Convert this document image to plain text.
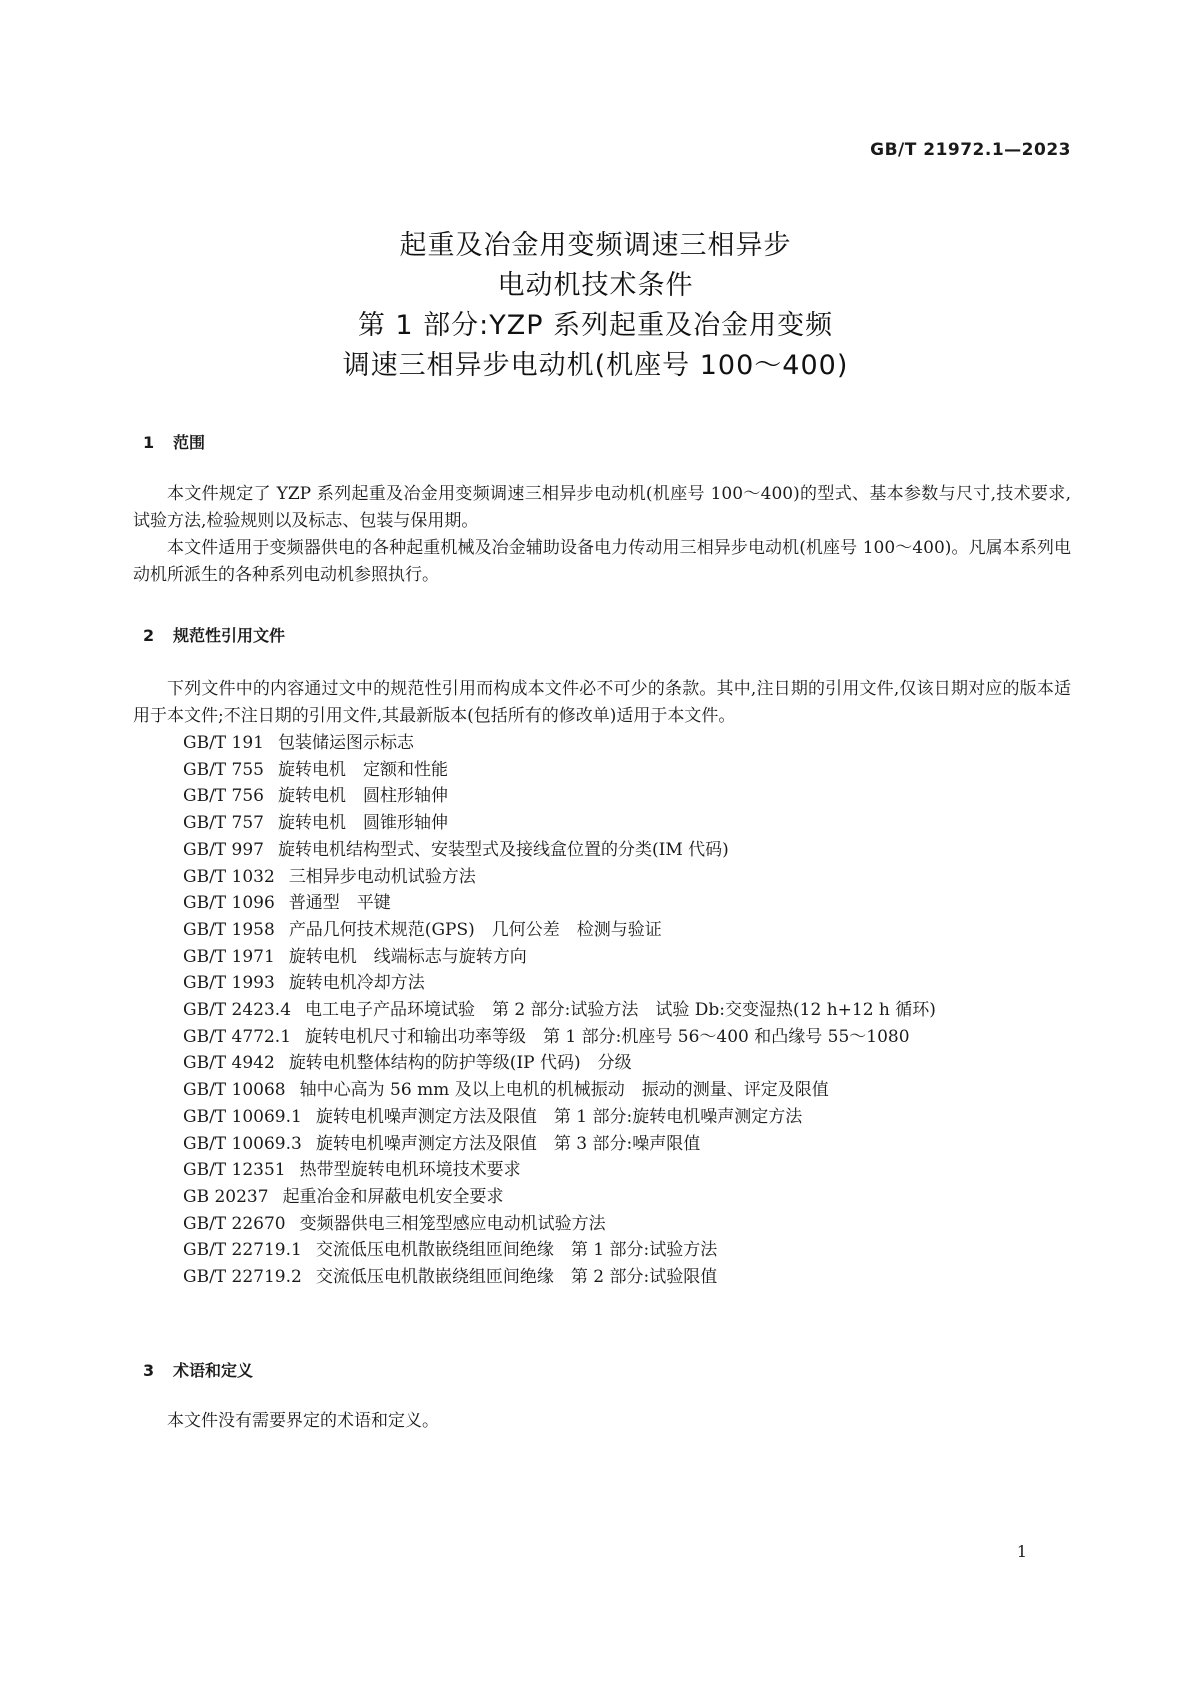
GB/T 21972.1—2023
起重及冶金用变频调速三相异步
电动机技术条件
第 1 部分:YZP 系列起重及冶金用变频
调速三相异步电动机(机座号 100～400)
1 范围

本文件规定了 YZP 系列起重及冶金用变频调速三相异步电动机(机座号 100～400)的型式、基本参数与尺寸,技术要求,试验方法,检验规则以及标志、包装与保用期。

本文件适用于变频器供电的各种起重机械及冶金辅助设备电力传动用三相异步电动机(机座号 100～400)。凡属本系列电动机所派生的各种系列电动机参照执行。

2 规范性引用文件

下列文件中的内容通过文中的规范性引用而构成本文件必不可少的条款。其中,注日期的引用文件,仅该日期对应的版本适用于本文件;不注日期的引用文件,其最新版本(包括所有的修改单)适用于本文件。

GB/T 191 包装储运图示标志
GB/T 755 旋转电机　定额和性能
GB/T 756 旋转电机　圆柱形轴伸
GB/T 757 旋转电机　圆锥形轴伸
GB/T 997 旋转电机结构型式、安装型式及接线盒位置的分类(IM 代码)
GB/T 1032 三相异步电动机试验方法
GB/T 1096 普通型　平键
GB/T 1958 产品几何技术规范(GPS)　几何公差　检测与验证
GB/T 1971 旋转电机　线端标志与旋转方向
GB/T 1993 旋转电机冷却方法
GB/T 2423.4 电工电子产品环境试验　第 2 部分:试验方法　试验 Db:交变湿热(12 h+12 h 循环)
GB/T 4772.1 旋转电机尺寸和输出功率等级　第 1 部分:机座号 56～400 和凸缘号 55～1080
GB/T 4942 旋转电机整体结构的防护等级(IP 代码)　分级
GB/T 10068 轴中心高为 56 mm 及以上电机的机械振动　振动的测量、评定及限值
GB/T 10069.1 旋转电机噪声测定方法及限值　第 1 部分:旋转电机噪声测定方法
GB/T 10069.3 旋转电机噪声测定方法及限值　第 3 部分:噪声限值
GB/T 12351 热带型旋转电机环境技术要求
GB 20237 起重冶金和屏蔽电机安全要求
GB/T 22670 变频器供电三相笼型感应电动机试验方法
GB/T 22719.1 交流低压电机散嵌绕组匝间绝缘　第 1 部分:试验方法
GB/T 22719.2 交流低压电机散嵌绕组匝间绝缘　第 2 部分:试验限值
3 术语和定义

本文件没有需要界定的术语和定义。

1
